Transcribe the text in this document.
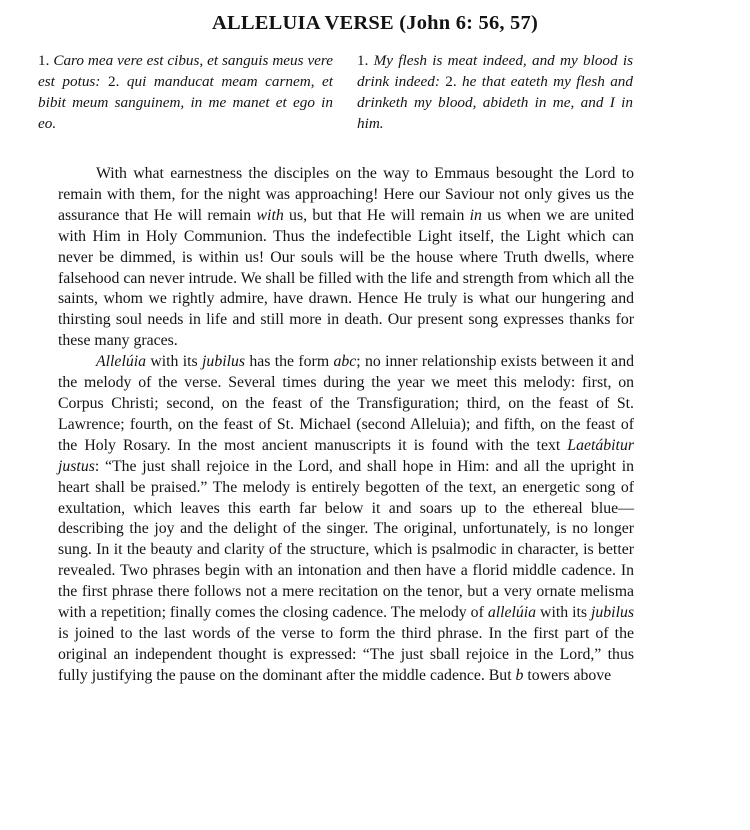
ALLELUIA VERSE (John 6: 56, 57)
1. Caro mea vere est cibus, et sanguis meus vere est potus: 2. qui manducat meam carnem, et bibit meum sanguinem, in me manet et ego in eo.
1. My flesh is meat indeed, and my blood is drink indeed: 2. he that eateth my flesh and drinketh my blood, abideth in me, and I in him.

With what earnestness the disciples on the way to Emmaus besought the Lord to remain with them, for the night was approaching! Here our Saviour not only gives us the assurance that He will remain with us, but that He will remain in us when we are united with Him in Holy Communion. Thus the indefectible Light itself, the Light which can never be dimmed, is within us! Our souls will be the house where Truth dwells, where falsehood can never intrude. We shall be filled with the life and strength from which all the saints, whom we rightly admire, have drawn. Hence He truly is what our hungering and thirsting soul needs in life and still more in death. Our present song expresses thanks for these many graces.

Allelúia with its jubilus has the form abc; no inner relationship exists between it and the melody of the verse. Several times during the year we meet this melody: first, on Corpus Christi; second, on the feast of the Transfiguration; third, on the feast of St. Lawrence; fourth, on the feast of St. Michael (second Alleluia); and fifth, on the feast of the Holy Rosary. In the most ancient manuscripts it is found with the text Laetábitur justus: “The just shall rejoice in the Lord, and shall hope in Him: and all the upright in heart shall be praised.” The melody is entirely begotten of the text, an energetic song of exultation, which leaves this earth far below it and soars up to the ethereal blue—describing the joy and the delight of the singer. The original, unfortunately, is no longer sung. In it the beauty and clarity of the structure, which is psalmodic in character, is better revealed. Two phrases begin with an intonation and then have a florid middle cadence. In the first phrase there follows not a mere recitation on the tenor, but a very ornate melisma with a repetition; finally comes the closing cadence. The melody of allelúia with its jubilus is joined to the last words of the verse to form the third phrase. In the first part of the original an independent thought is expressed: “The just sball rejoice in the Lord,” thus fully justifying the pause on the dominant after the middle cadence. But b towers above
